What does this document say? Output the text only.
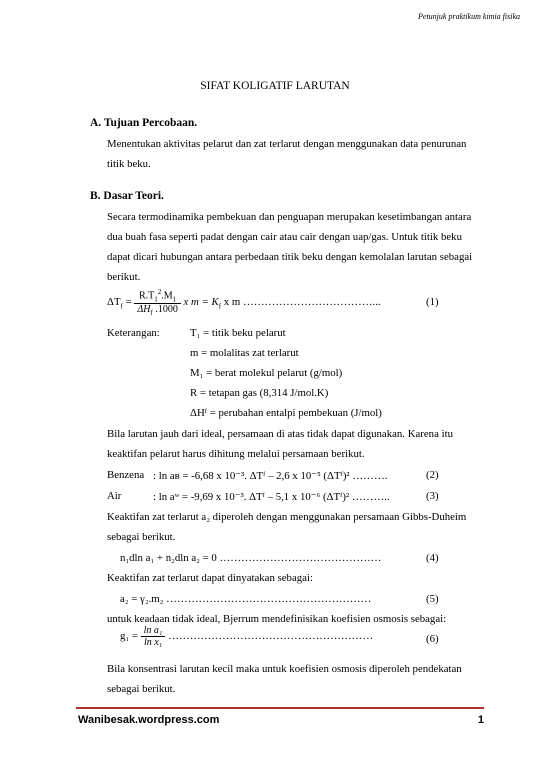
Petunjuk praktikum kimia fisika
SIFAT KOLIGATIF LARUTAN
A. Tujuan Percobaan.
Menentukan aktivitas pelarut dan zat terlarut dengan menggunakan data penurunan
titik beku.
B. Dasar Teori.
Secara termodinamika pembekuan dan penguapan merupakan kesetimbangan antara
dua buah fasa seperti padat dengan cair atau cair dengan uap/gas. Untuk titik beku
dapat dicari hubungan antara perbedaan titik beku dengan kemolalan larutan sebagai
berikut.
$\Delta T_f = \frac{R.T_1^2.M_1}{\Delta H_f .1000}$ x $m = K_f$ x m ………………………………...	(1)
Keterangan:	T₁ = titik beku pelarut
m = molalitas zat terlarut
M₁ = berat molekul pelarut (g/mol)
R = tetapan gas (8,314 J/mol.K)
ΔHᶠ = perubahan entalpi pembekuan (J/mol)
Bila larutan jauh dari ideal, persamaan di atas tidak dapat digunakan. Karena itu
keaktifan pelarut harus dihitung melalui persamaan berikut.
Benzena : ln aʙ = -6,68 x 10⁻³. ΔTᶠ – 2,6 x 10⁻⁵ (ΔTᶠ)² ……….	(2)
Air	: ln aʷ = -9,69 x 10⁻³. ΔTᶠ – 5,1 x 10⁻⁶ (ΔTᶠ)² ………..	(3)
Keaktifan zat terlarut a₂ diperoleh dengan menggunakan persamaan Gibbs-Duheim
sebagai berikut.
n₁dln a₁ + n₂dln a₂ = 0 ………………………………………	(4)
Keaktifan zat terlarut dapat dinyatakan sebagai:
a₂ = γ₂.m₂ …………………………………………………	(5)
untuk keadaan tidak ideal, Bjerrum mendefinisikan koefisien osmosis sebagai:
$g_1 = \frac{\text{ln a₁}}{\text{ln x₁}}$ …………………………………………………	(6)
Bila konsentrasi larutan kecil maka untuk koefisien osmosis diperoleh pendekatan
sebagai berikut.
Wanibesak.wordpress.com	1
